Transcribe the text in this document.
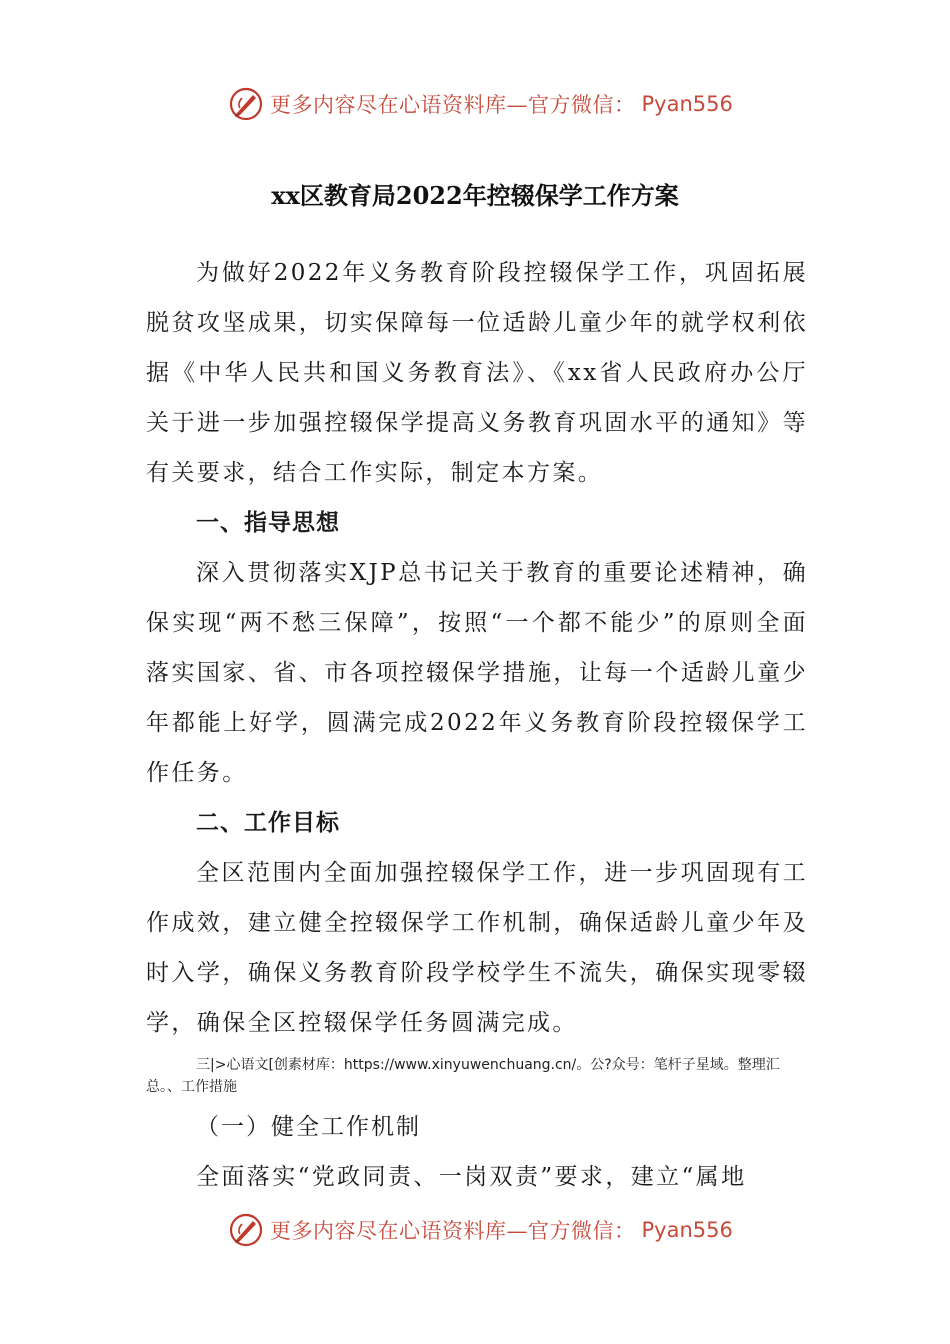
更多内容尽在心语资料库—官方微信： Pyan556
xx区教育局2022年控辍保学工作方案

为做好2022年义务教育阶段控辍保学工作，巩固拓展脱贫攻坚成果，切实保障每一位适龄儿童少年的就学权利依据《中华人民共和国义务教育法》、《xx省人民政府办公厅关于进一步加强控辍保学提高义务教育巩固水平的通知》等有关要求，结合工作实际，制定本方案。

一、指导思想

深入贯彻落实XJP总书记关于教育的重要论述精神，确保实现“两不愁三保障”，按照“一个都不能少”的原则全面落实国家、省、市各项控辍保学措施，让每一个适龄儿童少年都能上好学，圆满完成2022年义务教育阶段控辍保学工作任务。

二、工作目标

全区范围内全面加强控辍保学工作，进一步巩固现有工作成效，建立健全控辍保学工作机制，确保适龄儿童少年及时入学，确保义务教育阶段学校学生不流失，确保实现零辍学，确保全区控辍保学任务圆满完成。

三|>心语文[创素材库：https://www.xinyuwenchuang.cn/。公?众号：笔杆子星域。整理汇总。、工作措施

（一）健全工作机制

全面落实“党政同责、一岗双责”要求，建立“属地

更多内容尽在心语资料库—官方微信： Pyan556
